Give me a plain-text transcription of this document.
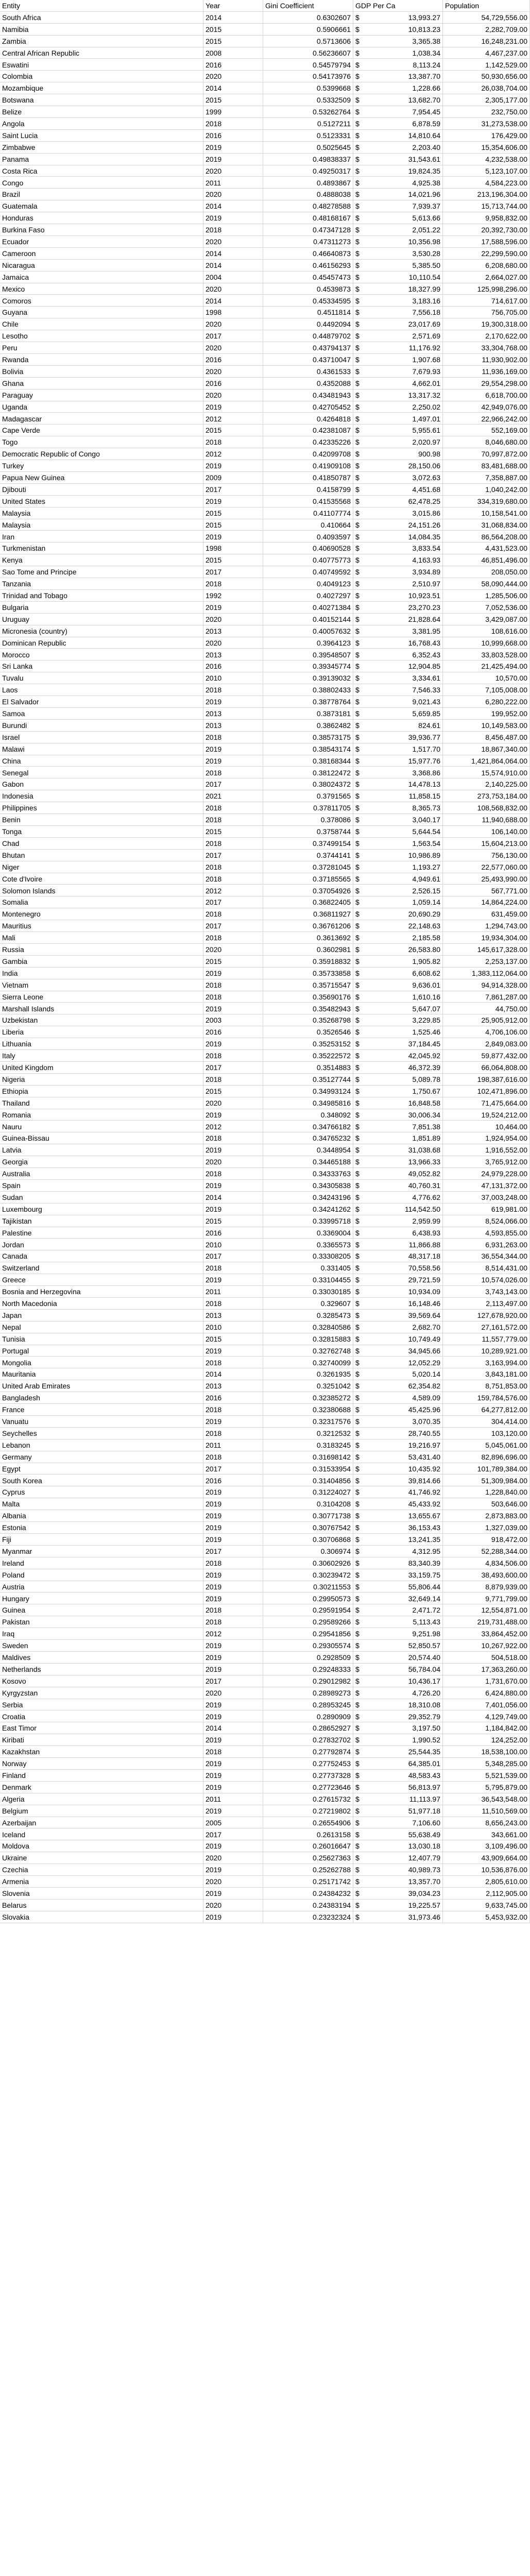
Entity	Year	Gini Coefficient	GDP Per Ca	Population
South Africa	2014	0.6302607 $	13,993.27	54,729,556.00
Namibia	2015	0.5906661 $	10,813.23	2,282,709.00
Zambia	2015	0.5713606 $	3,365.38	16,248,231.00
Central African Republic	2008	0.56236607 $	1,038.34	4,467,237.00
Eswatini	2016	0.54579794 $	8,113.24	1,142,529.00
Colombia	2020	0.54173976 $	13,387.70	50,930,656.00
Mozambique	2014	0.5399668 $	1,228.66	26,038,704.00
Botswana	2015	0.5332509 $	13,682.70	2,305,177.00
Belize	1999	0.53262764 $	7,954.45	232,750.00
Angola	2018	0.5127211 $	6,878.59	31,273,538.00
Saint Lucia	2016	0.5123331 $	14,810.64	176,429.00
Zimbabwe	2019	0.5025645 $	2,203.40	15,354,606.00
Panama	2019	0.49838337 $	31,543.61	4,232,538.00
Costa Rica	2020	0.49250317 $	19,824.35	5,123,107.00
Congo	2011	0.4893867 $	4,925.38	4,584,223.00
Brazil	2020	0.4888038 $	14,021.96	213,196,304.00
Guatemala	2014	0.48278588 $	7,939.37	15,713,744.00
Honduras	2019	0.48168167 $	5,613.66	9,958,832.00
Burkina Faso	2018	0.47347128 $	2,051.22	20,392,730.00
Ecuador	2020	0.47311273 $	10,356.98	17,588,596.00
Cameroon	2014	0.46640873 $	3,530.28	22,299,590.00
Nicaragua	2014	0.46156293 $	5,385.50	6,208,680.00
Jamaica	2004	0.45457473 $	10,110.54	2,664,027.00
Mexico	2020	0.4539873 $	18,327.99	125,998,296.00
Comoros	2014	0.45334595 $	3,183.16	714,617.00
Guyana	1998	0.4511814 $	7,556.18	756,705.00
Chile	2020	0.4492094 $	23,017.69	19,300,318.00
Lesotho	2017	0.44879702 $	2,571.69	2,170,622.00
Peru	2020	0.43794137 $	11,176.92	33,304,768.00
Rwanda	2016	0.43710047 $	1,907.68	11,930,902.00
Bolivia	2020	0.4361533 $	7,679.93	11,936,169.00
Ghana	2016	0.4352088 $	4,662.01	29,554,298.00
Paraguay	2020	0.43481943 $	13,317.32	6,618,700.00
Uganda	2019	0.42705452 $	2,250.02	42,949,076.00
Madagascar	2012	0.4264818 $	1,497.01	22,966,242.00
Cape Verde	2015	0.42381087 $	5,955.61	552,169.00
Togo	2018	0.42335226 $	2,020.97	8,046,680.00
Democratic Republic of Congo	2012	0.42099708 $	900.98	70,997,872.00
Turkey	2019	0.41909108 $	28,150.06	83,481,688.00
Papua New Guinea	2009	0.41850787 $	3,072.63	7,358,887.00
Djibouti	2017	0.4158799 $	4,451.68	1,040,242.00
United States	2019	0.41535568 $	62,478.25	334,319,680.00
Malaysia	2015	0.41107774 $	3,015.86	10,158,541.00
Malaysia	2015	0.410664 $	24,151.26	31,068,834.00
Iran	2019	0.4093597 $	14,084.35	86,564,208.00
Turkmenistan	1998	0.40690528 $	3,833.54	4,431,523.00
Kenya	2015	0.40775773 $	4,163.93	46,851,496.00
Sao Tome and Principe	2017	0.40749592 $	3,934.89	208,050.00
Tanzania	2018	0.4049123 $	2,510.97	58,090,444.00
Trinidad and Tobago	1992	0.4027297 $	10,923.51	1,285,506.00
Bulgaria	2019	0.40271384 $	23,270.23	7,052,536.00
Uruguay	2020	0.40152144 $	21,828.64	3,429,087.00
Micronesia (country)	2013	0.40057632 $	3,381.95	108,616.00
Dominican Republic	2020	0.3964123 $	16,768.43	10,999,668.00
Morocco	2013	0.39548507 $	6,352.43	33,803,528.00
Sri Lanka	2016	0.39345774 $	12,904.85	21,425,494.00
Tuvalu	2010	0.39139032 $	3,334.61	10,570.00
Laos	2018	0.38802433 $	7,546.33	7,105,008.00
El Salvador	2019	0.38778764 $	9,021.43	6,280,222.00
Samoa	2013	0.3873181 $	5,659.85	199,952.00
Burundi	2013	0.3862482 $	824.61	10,149,583.00
Israel	2018	0.38573175 $	39,936.77	8,456,487.00
Malawi	2019	0.38543174 $	1,517.70	18,867,340.00
China	2019	0.38168344 $	15,977.76	1,421,864,064.00
Senegal	2018	0.38122472 $	3,368.86	15,574,910.00
Gabon	2017	0.38024372 $	14,478.13	2,140,225.00
Indonesia	2021	0.3791565 $	11,858.15	273,753,184.00
Philippines	2018	0.37811705 $	8,365.73	108,568,832.00
Benin	2018	0.378086 $	3,040.17	11,940,688.00
Tonga	2015	0.3758744 $	5,644.54	106,140.00
Chad	2018	0.37499154 $	1,563.54	15,604,213.00
Bhutan	2017	0.3744141 $	10,986.89	756,130.00
Niger	2018	0.37281045 $	1,193.27	22,577,060.00
Cote d'Ivoire	2018	0.37185565 $	4,949.61	25,493,990.00
Solomon Islands	2012	0.37054926 $	2,526.15	567,771.00
Somalia	2017	0.36822405 $	1,059.14	14,864,224.00
Montenegro	2018	0.36811927 $	20,690.29	631,459.00
Mauritius	2017	0.36761206 $	22,148.63	1,294,743.00
Mali	2018	0.3613692 $	2,185.58	19,934,304.00
Russia	2020	0.3602981 $	26,583.80	145,617,328.00
Gambia	2015	0.35918832 $	1,905.82	2,253,137.00
India	2019	0.35733858 $	6,608.62	1,383,112,064.00
Vietnam	2018	0.35715547 $	9,636.01	94,914,328.00
Sierra Leone	2018	0.35690176 $	1,610.16	7,861,287.00
Marshall Islands	2019	0.35482943 $	5,647.07	44,750.00
Uzbekistan	2003	0.35268798 $	3,229.85	25,905,912.00
Liberia	2016	0.3526546 $	1,525.46	4,706,106.00
Lithuania	2019	0.35253152 $	37,184.45	2,849,083.00
Italy	2018	0.35222572 $	42,045.92	59,877,432.00
United Kingdom	2017	0.3514883 $	46,372.39	66,064,808.00
Nigeria	2018	0.35127744 $	5,089.78	198,387,616.00
Ethiopia	2015	0.34993124 $	1,750.67	102,471,896.00
Thailand	2020	0.34985816 $	16,848.58	71,475,664.00
Romania	2019	0.348092 $	30,006.34	19,524,212.00
Nauru	2012	0.34766182 $	7,851.38	10,464.00
Guinea-Bissau	2018	0.34765232 $	1,851.89	1,924,954.00
Latvia	2019	0.3448954 $	31,038.68	1,916,552.00
Georgia	2020	0.34465188 $	13,966.33	3,765,912.00
Australia	2018	0.34333763 $	49,052.82	24,979,228.00
Spain	2019	0.34305838 $	40,760.31	47,131,372.00
Sudan	2014	0.34243196 $	4,776.62	37,003,248.00
Luxembourg	2019	0.34241262 $	114,542.50	619,981.00
Tajikistan	2015	0.33995718 $	2,959.99	8,524,066.00
Palestine	2016	0.3369004 $	6,438.93	4,593,855.00
Jordan	2010	0.3365573 $	11,866.88	6,931,263.00
Canada	2017	0.33308205 $	48,317.18	36,554,344.00
Switzerland	2018	0.331405 $	70,558.56	8,514,431.00
Greece	2019	0.33104455 $	29,721.59	10,574,026.00
Bosnia and Herzegovina	2011	0.33030185 $	10,934.09	3,743,143.00
North Macedonia	2018	0.329607 $	16,148.46	2,113,497.00
Japan	2013	0.3285473 $	39,569.64	127,678,920.00
Nepal	2010	0.32840586 $	2,682.70	27,161,572.00
Tunisia	2015	0.32815883 $	10,749.49	11,557,779.00
Portugal	2019	0.32762748 $	34,945.66	10,289,921.00
Mongolia	2018	0.32740099 $	12,052.29	3,163,994.00
Mauritania	2014	0.3261935 $	5,020.14	3,843,181.00
United Arab Emirates	2013	0.3251042 $	62,354.82	8,751,853.00
Bangladesh	2016	0.32385272 $	4,589.09	159,784,576.00
France	2018	0.32380688 $	45,425.96	64,277,812.00
Vanuatu	2019	0.32317576 $	3,070.35	304,414.00
Seychelles	2018	0.3212532 $	28,740.55	103,120.00
Lebanon	2011	0.3183245 $	19,216.97	5,045,061.00
Germany	2018	0.31698142 $	53,431.40	82,896,696.00
Egypt	2017	0.31533954 $	10,435.92	101,789,384.00
South Korea	2016	0.31404856 $	39,814.66	51,309,984.00
Cyprus	2019	0.31224027 $	41,746.92	1,228,840.00
Malta	2019	0.3104208 $	45,433.92	503,646.00
Albania	2019	0.30771738 $	13,655.67	2,873,883.00
Estonia	2019	0.30767542 $	36,153.43	1,327,039.00
Fiji	2019	0.30706868 $	13,241.35	918,472.00
Myanmar	2017	0.306974 $	4,312.95	52,288,344.00
Ireland	2018	0.30602926 $	83,340.39	4,834,506.00
Poland	2019	0.30239472 $	33,159.75	38,493,600.00
Austria	2019	0.30211553 $	55,806.44	8,879,939.00
Hungary	2019	0.29950573 $	32,649.14	9,771,799.00
Guinea	2018	0.29591954 $	2,471.72	12,554,871.00
Pakistan	2018	0.29589266 $	5,113.43	219,731,488.00
Iraq	2012	0.29541856 $	9,251.98	33,864,452.00
Sweden	2019	0.29305574 $	52,850.57	10,267,922.00
Maldives	2019	0.2928509 $	20,574.40	504,518.00
Netherlands	2019	0.29248333 $	56,784.04	17,363,260.00
Kosovo	2017	0.29012982 $	10,436.17	1,731,670.00
Kyrgyzstan	2020	0.28989273 $	4,726.20	6,424,880.00
Serbia	2019	0.28953245 $	18,310.08	7,401,056.00
Croatia	2019	0.2890909 $	29,352.79	4,129,749.00
East Timor	2014	0.28652927 $	3,197.50	1,184,842.00
Kiribati	2019	0.27832702 $	1,990.52	124,252.00
Kazakhstan	2018	0.27792874 $	25,544.35	18,538,100.00
Norway	2019	0.27752453 $	64,385.01	5,348,285.00
Finland	2019	0.27737328 $	48,583.43	5,521,539.00
Denmark	2019	0.27723646 $	56,813.97	5,795,879.00
Algeria	2011	0.27615732 $	11,113.97	36,543,548.00
Belgium	2019	0.27219802 $	51,977.18	11,510,569.00
Azerbaijan	2005	0.26554906 $	7,106.60	8,656,243.00
Iceland	2017	0.2613158 $	55,638.49	343,661.00
Moldova	2019	0.26016647 $	13,030.18	3,109,496.00
Ukraine	2020	0.25627363 $	12,407.79	43,909,664.00
Czechia	2019	0.25262788 $	40,989.73	10,536,876.00
Armenia	2020	0.25171742 $	13,357.70	2,805,610.00
Slovenia	2019	0.24384232 $	39,034.23	2,112,905.00
Belarus	2020	0.24383194 $	19,225.57	9,633,745.00
Slovakia	2019	0.23232324 $	31,973.46	5,453,932.00
